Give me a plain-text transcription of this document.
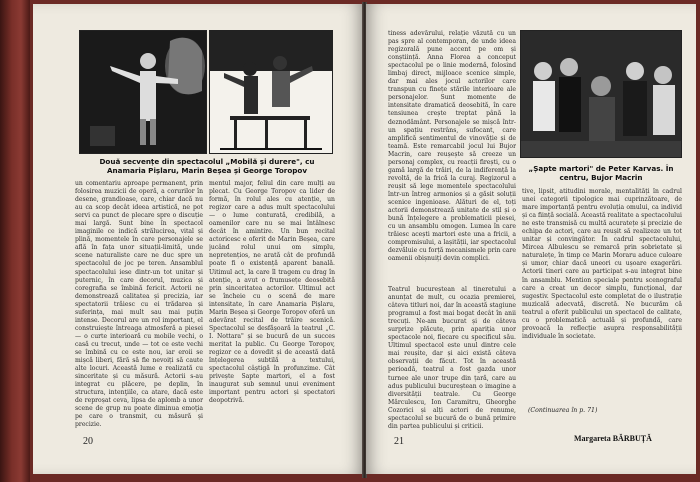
Două secvențe din spectacolul „Mobilă și durere", cu Anamaria Pișlaru, Marin Beșea și George Toropov
un comentariu aproape permanent, prin folosirea muzicii de operă, a corurilor în desene, grandioase, care, chiar dacă nu au ca scop decât ideea artistică, ne pot servi ca punct de plecare spre o discuție mai largă. Sunt bine în spectacol imaginile ce indică strălucirea, vital și plină, momentele în care personajele se află în fața unor situații-limită, unde scene naturaliste care ne duc spre un spectacolul de joc pe teren. Ansamblul spectacolului iese dintr-un tot unitar și puternic, în care decorul, muzica și coregrafia se îmbină fericit. Actorii ne demonstrează calitatea și precizia, iar spectatorii trăiesc cu ei trădarea și suferința, mai mult sau mai puțin intense. Decorul are un rol important, el construiește întreaga atmosferă a piesei — o curte interioară cu mobile vechi, o casă cu trecut, unde — tot ce este vechi se îmbină cu ce este nou, iar eroii se mișcă liberi, fără să fie nevoiți să caute alte locuri. Această lume e realizată cu sinceritate și cu măsură. Actorii s-au integrat cu plăcere, pe deplin, în structura, intenţiile, ca atare, dacă este de reproșat ceva, lipsa de aplomb a unor scene de grup nu poate diminua emoția pe care o transmit, cu măsură și precizie.
mentul major, feliul din care mulți au plecat. Cu George Toropov ca lider de formă, în rolul ales cu atenție, un regizor care a adus mult spectacolului — o lume conturată, credibilă, a oamenilor care nu se mai întâlnesc decât în amintire. Un bun recital actoricesc e oferit de Marin Beșea, care jucând rolul unui om simplu, nepretențios, ne arată cât de profundă poate fi o existență aparent banală. Uitimul act, la care îl tragem cu drag în atenție, a avut o frumusețe deosebită prin sinceritatea actorilor. Ultimul act se încheie cu o scenă de mare intensitate, în care Anamaria Pișlaru, Marin Beșea și George Toropov oferă un adevărat recital de trăire scenică. Spectacolul se desfășoară la teatrul „C. I. Nottara" și se bucură de un succes meritat la public. Cu George Toropov, regizor ce a dovedit și de această dată înțelegerea subtilă a textului, spectacolul câștigă în profunzime. Cât privește Sapte martori, el a fost inaugurat sub semnul unui eveniment important pentru actori și spectatori deopotrivă.
20
tiness adevărului, relație văzută cu un pas spre al contemporan, de unde ideea regizorală pune accent pe om și conștiință. Anna Florea a conceput spectacolul pe o linie modernă, folosind limbaj direct, mijloace scenice simple, dar mai ales jocul actorilor care transpun cu finețe stările interioare ale personajelor. Sunt momente de intensitate dramatică deosebită, în care tensiunea crește treptat până la deznodământ. Personajele se mișcă într-un spațiu restrâns, sufocant, care amplifică sentimentul de vinovăție și de teamă. Este remarcabil jocul lui Bujor Macrin, care reușește să creeze un personaj complex, cu reacții firești, cu o gamă largă de trăiri, de la indiferență la revoltă, de la frică la curaj. Regizorul a reușit să lege momentele spectacolului într-un întreg armonios și a găsit soluții scenice ingenioase. Alături de el, toți actorii demonstrează unitate de stil și o bună înțelegere a problematicii piesei, cu un ansamblu omogen. Lumea în care trăiesc acești martori este una a fricii, a compromisului, a lașității, iar spectacolul dezvăluie cu forță mecanismele prin care oamenii obișnuiți devin complici.
Teatrul bucureștean al tineretului a anunțat de mult, cu ocazia premierei, câteva titluri noi, dar în această stagiune programul a fost mai bogat decât în anii trecuți. Ne-am bucurat și de câteva surprize plăcute, prin apariția unor spectacole noi, fiecare cu specificul său. Ultimul spectacol este unul dintre cele mai reușite, dar și aici există câteva observații de făcut. Tot în această perioadă, teatrul a fost gazda unor turnee ale unor trupe din țară, care au adus publicului bucureștean o imagine a diversității teatrale. Cu George Mărculescu, Ion Caramitru, Gheorghe Cozorici și alți actori de renume, spectacolul se bucură de o bună primire din partea publicului și criticii.
„Șapte martori" de Peter Karvas. În centru, Bujor Macrin
tive, lipsit, atitudini morale, mentalități în cadrul unei categorii tipologice mai cuprinzătoare, de mare importanță pentru evoluția omului, ca individ și ca ființă socială. Această realitate a spectacolului ne este transmisă cu multă acuratețe și precizie de echipa de actori, care au reușit să realizeze un tot unitar și convingător. În cadrul spectacolului, Mircea Albulescu se remarcă prin sobrietate și naturalețe, în timp ce Marin Moraru aduce culoare și umor, chiar dacă uneori cu ușoare exagerări. Actorii tineri care au participat s-au integrat bine în ansamblu. Mention speciale pentru scenograful care a creat un decor simplu, funcțional, dar sugestiv. Spectacolul este completat de o ilustrație muzicală adecvată, discretă. Ne bucurăm că teatrul a oferit publicului un spectacol de calitate, cu o problematică actuală și profundă, care provoacă la reflecție asupra responsabilității individuale în societate.
(Continuarea în p. 71)
Margareta BĂRBUȚĂ
21
